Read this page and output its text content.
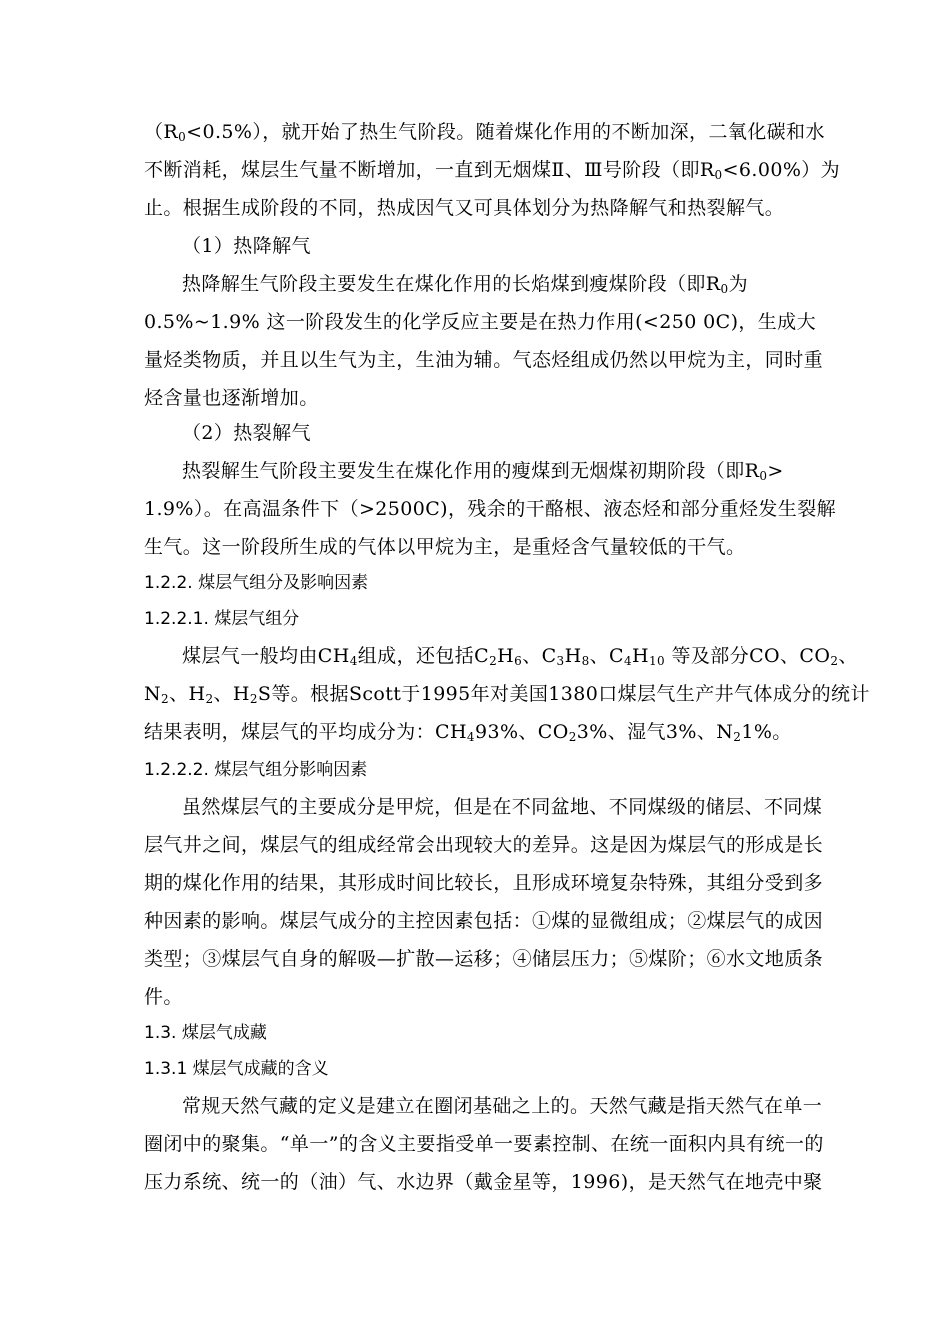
$(R_0<0.5\%)$，就开始了热生气阶段。随着煤化作用的不断加深，二氧化碳和水
不断消耗，煤层生气量不断增加，一直到无烟煤Ⅱ、Ⅲ号阶段（即$R_0<6.00\%$）为
止。根据生成阶段的不同，热成因气又可具体划分为热降解气和热裂解气。
（1）热降解气
热降解生气阶段主要发生在煤化作用的长焰煤到瘦煤阶段（即$R_0$为
0.5%~1.9% 这一阶段发生的化学反应主要是在热力作用(<250 0C)，生成大
量烃类物质，并且以生气为主，生油为辅。气态烃组成仍然以甲烷为主，同时重
烃含量也逐渐增加。
（2）热裂解气
热裂解生气阶段主要发生在煤化作用的瘦煤到无烟煤初期阶段（即$R_0>$
1.9%）。在高温条件下（>2500C)，残余的干酪根、液态烃和部分重烃发生裂解
生气。这一阶段所生成的气体以甲烷为主，是重烃含气量较低的干气。
1.2.2. 煤层气组分及影响因素
1.2.2.1. 煤层气组分
煤层气一般均由$CH_4$组成，还包括$C_2H_6$、$C_3H_8$、$C_4H_{10}$ 等及部分CO、$CO_2$、
$N_2$、$H_2$、$H_2S$等。根据Scott于1995年对美国1380口煤层气生产井气体成分的统计
结果表明，煤层气的平均成分为：$CH_493\%$、$CO_23\%$、湿气3%、$N_21\%$。
1.2.2.2. 煤层气组分影响因素
虽然煤层气的主要成分是甲烷，但是在不同盆地、不同煤级的储层、不同煤
层气井之间，煤层气的组成经常会出现较大的差异。这是因为煤层气的形成是长
期的煤化作用的结果，其形成时间比较长，且形成环境复杂特殊，其组分受到多
种因素的影响。煤层气成分的主控因素包括：①煤的显微组成；②煤层气的成因
类型；③煤层气自身的解吸—扩散—运移；④储层压力；⑤煤阶；⑥水文地质条
件。
1.3. 煤层气成藏
1.3.1 煤层气成藏的含义
常规天然气藏的定义是建立在圈闭基础之上的。天然气藏是指天然气在单一
圈闭中的聚集。“单一”的含义主要指受单一要素控制、在统一面积内具有统一的
压力系统、统一的（油）气、水边界（戴金星等，1996)，是天然气在地壳中聚
